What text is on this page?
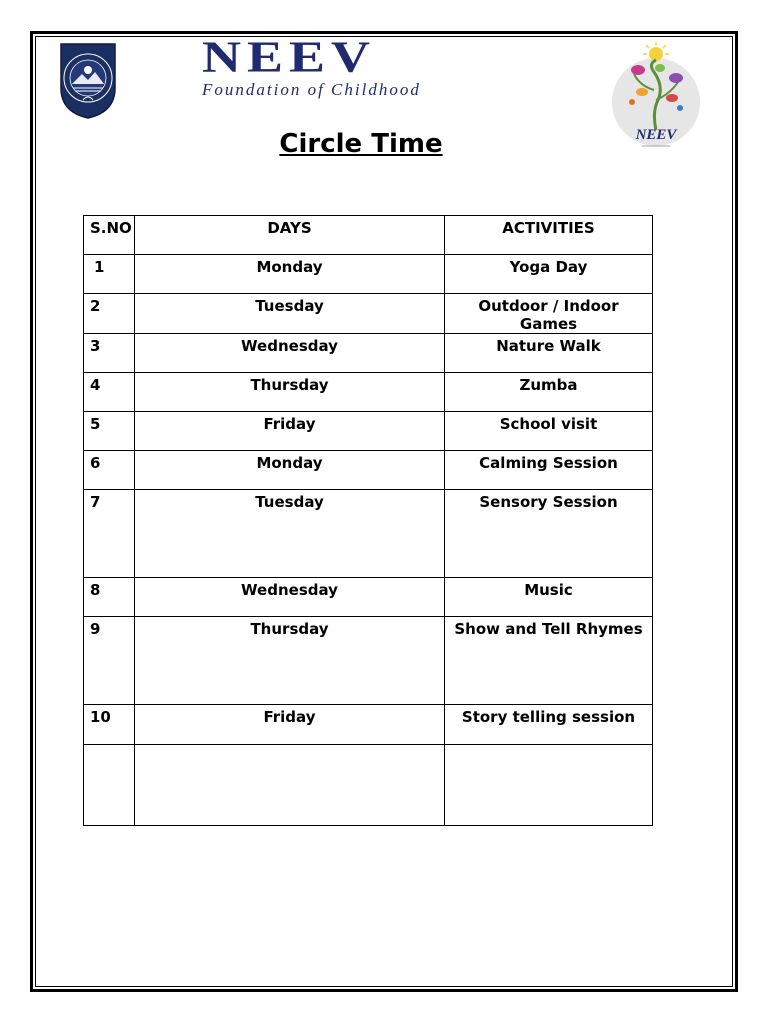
NEEV
Foundation of Childhood
NEEV
Circle Time
S.NO	DAYS	ACTIVITIES
1	Monday	Yoga Day
2	Tuesday	Outdoor / Indoor Games
3	Wednesday	Nature Walk
4	Thursday	Zumba
5	Friday	School visit
6	Monday	Calming Session
7	Tuesday	Sensory Session
8	Wednesday	Music
9	Thursday	Show and Tell Rhymes
10	Friday	Story telling session
